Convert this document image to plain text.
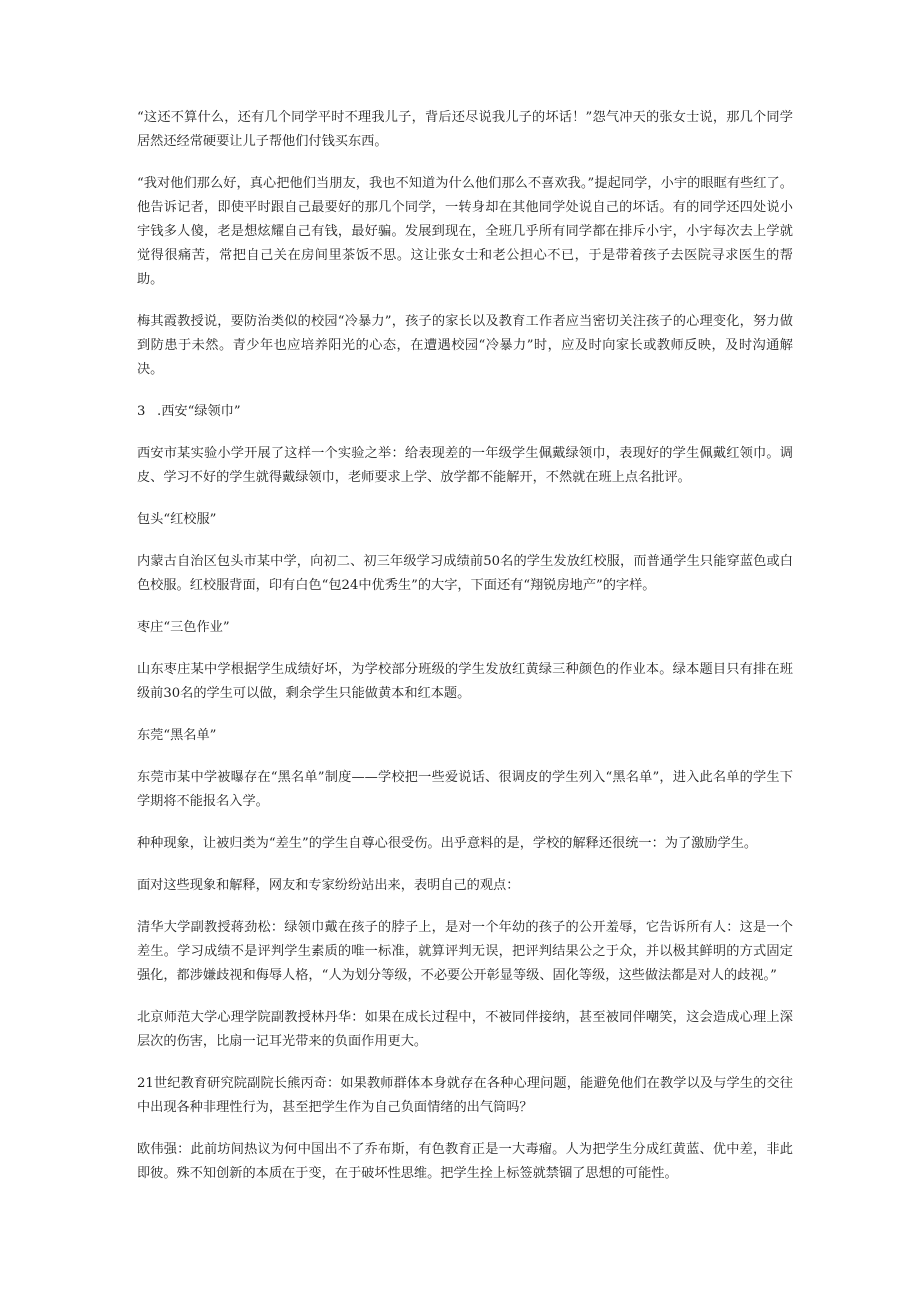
“这还不算什么，还有几个同学平时不理我儿子，背后还尽说我儿子的坏话！”怨气冲天的张女士说，那几个同学居然还经常硬要让儿子帮他们付钱买东西。

“我对他们那么好，真心把他们当朋友，我也不知道为什么他们那么不喜欢我。”提起同学，小宇的眼眶有些红了。他告诉记者，即使平时跟自己最要好的那几个同学，一转身却在其他同学处说自己的坏话。有的同学还四处说小宇钱多人傻，老是想炫耀自己有钱，最好骗。发展到现在，全班几乎所有同学都在排斥小宇，小宇每次去上学就觉得很痛苦，常把自己关在房间里茶饭不思。这让张女士和老公担心不已，于是带着孩子去医院寻求医生的帮助。

梅其霞教授说，要防治类似的校园“冷暴力”，孩子的家长以及教育工作者应当密切关注孩子的心理变化，努力做到防患于未然。青少年也应培养阳光的心态，在遭遇校园“冷暴力”时，应及时向家长或教师反映，及时沟通解决。

3 .西安“绿领巾”

西安市某实验小学开展了这样一个实验之举：给表现差的一年级学生佩戴绿领巾，表现好的学生佩戴红领巾。调皮、学习不好的学生就得戴绿领巾，老师要求上学、放学都不能解开，不然就在班上点名批评。

包头“红校服”

内蒙古自治区包头市某中学，向初二、初三年级学习成绩前50名的学生发放红校服，而普通学生只能穿蓝色或白色校服。红校服背面，印有白色“包24中优秀生”的大字，下面还有“翔锐房地产”的字样。

枣庄“三色作业”

山东枣庄某中学根据学生成绩好坏，为学校部分班级的学生发放红黄绿三种颜色的作业本。绿本题目只有排在班级前30名的学生可以做，剩余学生只能做黄本和红本题。

东莞“黑名单”

东莞市某中学被曝存在“黑名单”制度——学校把一些爱说话、很调皮的学生列入“黑名单”，进入此名单的学生下学期将不能报名入学。

种种现象，让被归类为“差生”的学生自尊心很受伤。出乎意料的是，学校的解释还很统一：为了激励学生。

面对这些现象和解释，网友和专家纷纷站出来，表明自己的观点：

清华大学副教授蒋劲松：绿领巾戴在孩子的脖子上，是对一个年幼的孩子的公开羞辱，它告诉所有人：这是一个差生。学习成绩不是评判学生素质的唯一标准，就算评判无误，把评判结果公之于众，并以极其鲜明的方式固定强化，都涉嫌歧视和侮辱人格，“人为划分等级，不必要公开彰显等级、固化等级，这些做法都是对人的歧视。”

北京师范大学心理学院副教授林丹华：如果在成长过程中，不被同伴接纳，甚至被同伴嘲笑，这会造成心理上深层次的伤害，比扇一记耳光带来的负面作用更大。

21世纪教育研究院副院长熊丙奇：如果教师群体本身就存在各种心理问题，能避免他们在教学以及与学生的交往中出现各种非理性行为，甚至把学生作为自己负面情绪的出气筒吗？

欧伟强：此前坊间热议为何中国出不了乔布斯，有色教育正是一大毒瘤。人为把学生分成红黄蓝、优中差，非此即彼。殊不知创新的本质在于变，在于破坏性思维。把学生拴上标签就禁锢了思想的可能性。
